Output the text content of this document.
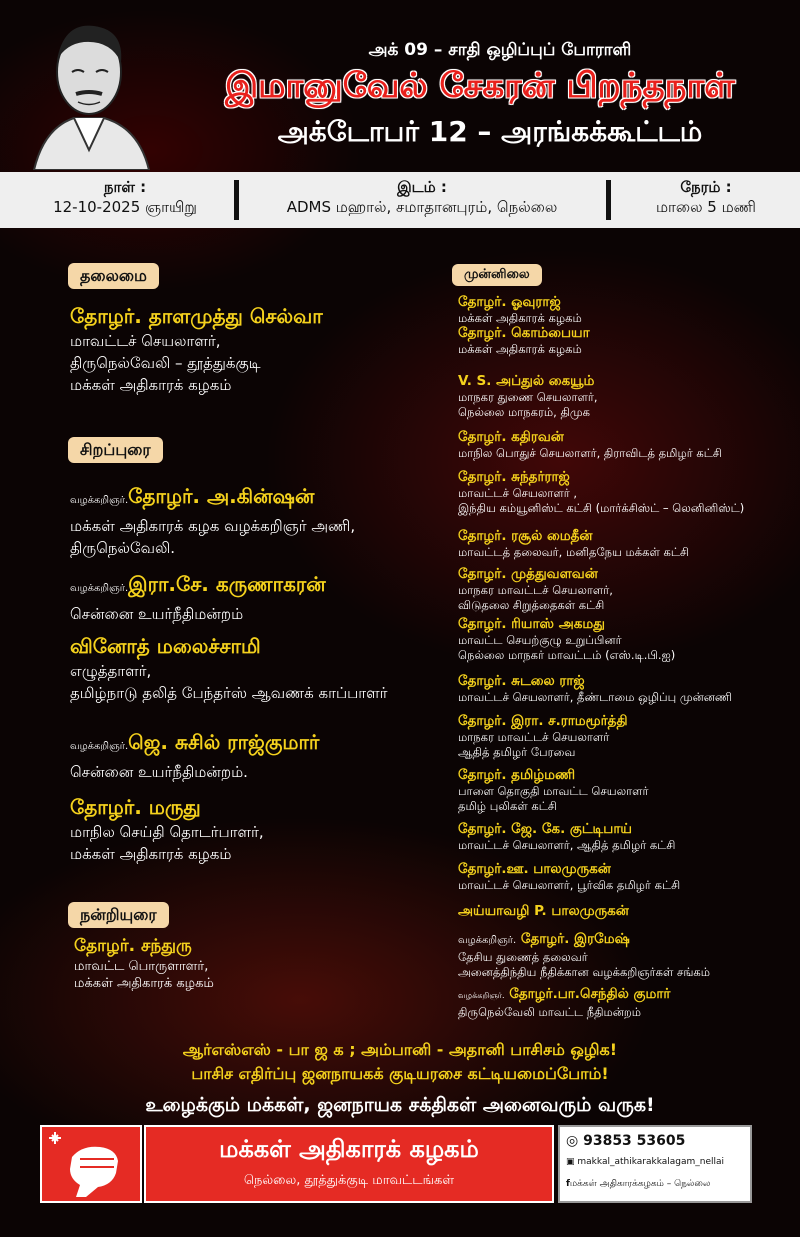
அக் 09 – சாதி ஒழிப்புப் போராளி
இமானுவேல் சேகரன் பிறந்தநாள்
அக்டோபர் 12 – அரங்கக்கூட்டம்
நாள் :
12-10-2025 ஞாயிறு
இடம் :
ADMS மஹால், சமாதானபுரம், நெல்லை
நேரம் :
மாலை 5 மணி
தலைமை
தோழர். தாளமுத்து செல்வா
மாவட்டச் செயலாளர்,
திருநெல்வேலி – தூத்துக்குடி
மக்கள் அதிகாரக் கழகம்
சிறப்புரை
வழக்கறிஞர்.தோழர். அ.கின்ஷன்
மக்கள் அதிகாரக் கழக வழக்கறிஞர் அணி,
திருநெல்வேலி.
வழக்கறிஞர்.இரா.சே. கருணாகரன்
சென்னை உயர்நீதிமன்றம்
வினோத் மலைச்சாமி
எழுத்தாளர்,
தமிழ்நாடு தலித் பேந்தர்ஸ் ஆவணக் காப்பாளர்
வழக்கறிஞர்.ஜெ. சுசில் ராஜ்குமார்
சென்னை உயர்நீதிமன்றம்.
தோழர். மருது
மாநில செய்தி தொடர்பாளர்,
மக்கள் அதிகாரக் கழகம்
நன்றியுரை
தோழர். சந்துரு
மாவட்ட பொருளாளர்,
மக்கள் அதிகாரக் கழகம்
முன்னிலை
தோழர். ஓவுராஜ்
மக்கள் அதிகாரக் கழகம்
தோழர். கொம்பையா
மக்கள் அதிகாரக் கழகம்
V. S. அப்துல் கையூம்
மாநகர துணை செயலாளர்,
நெல்லை மாநகரம், திமுக
தோழர். கதிரவன்
மாநில பொதுச் செயலாளர், திராவிடத் தமிழர் கட்சி
தோழர். சுந்தர்ராஜ்
மாவட்டச் செயலாளர் ,
இந்திய கம்யூனிஸ்ட் கட்சி (மார்க்சிஸ்ட் – லெனினிஸ்ட்)
தோழர். ரசூல் மைதீன்
மாவட்டத் தலைவர், மனிதநேய மக்கள் கட்சி
தோழர். முத்துவளவன்
மாநகர மாவட்டச் செயலாளர்,
விடுதலை சிறுத்தைகள் கட்சி
தோழர். ரியாஸ் அகமது
மாவட்ட செயற்குழு உறுப்பினர்
நெல்லை மாநகர் மாவட்டம் (எஸ்.டி.பி.ஐ)
தோழர். சுடலை ராஜ்
மாவட்டச் செயலாளர், தீண்டாமை ஒழிப்பு முன்னணி
தோழர். இரா. ச.ராமமூர்த்தி
மாநகர மாவட்டச் செயலாளர்
ஆதித் தமிழர் பேரவை
தோழர். தமிழ்மணி
பாளை தொகுதி மாவட்ட செயலாளர்
தமிழ் புலிகள் கட்சி
தோழர். ஜே. கே. குட்டிபாய்
மாவட்டச் செயலாளர், ஆதித் தமிழர் கட்சி
தோழர்.ஊ. பாலமுருகன்
மாவட்டச் செயலாளர், பூர்விக தமிழர் கட்சி
அய்யாவழி P. பாலமுருகன்
வழக்கறிஞர். தோழர். இரமேஷ்
தேசிய துணைத் தலைவர்
அனைத்திந்திய நீதிக்கான வழக்கறிஞர்கள் சங்கம்
வழக்கறிஞர். தோழர்.பா.செந்தில் குமார்
திருநெல்வேலி மாவட்ட நீதிமன்றம்
ஆர்எஸ்எஸ் - பா ஜ க ; அம்பானி - அதானி பாசிசம் ஒழிக!
பாசிச எதிர்ப்பு ஜனநாயகக் குடியரசை கட்டியமைப்போம்!
உழைக்கும் மக்கள், ஜனநாயக சக்திகள் அனைவரும் வருக!
மக்கள் அதிகாரக் கழகம்
நெல்லை, தூத்துக்குடி மாவட்டங்கள்
◎ 93853 53605
▣ makkal_athikarakkalagam_nellai
fமக்கள் அதிகாரக்கழகம் – நெல்லை
